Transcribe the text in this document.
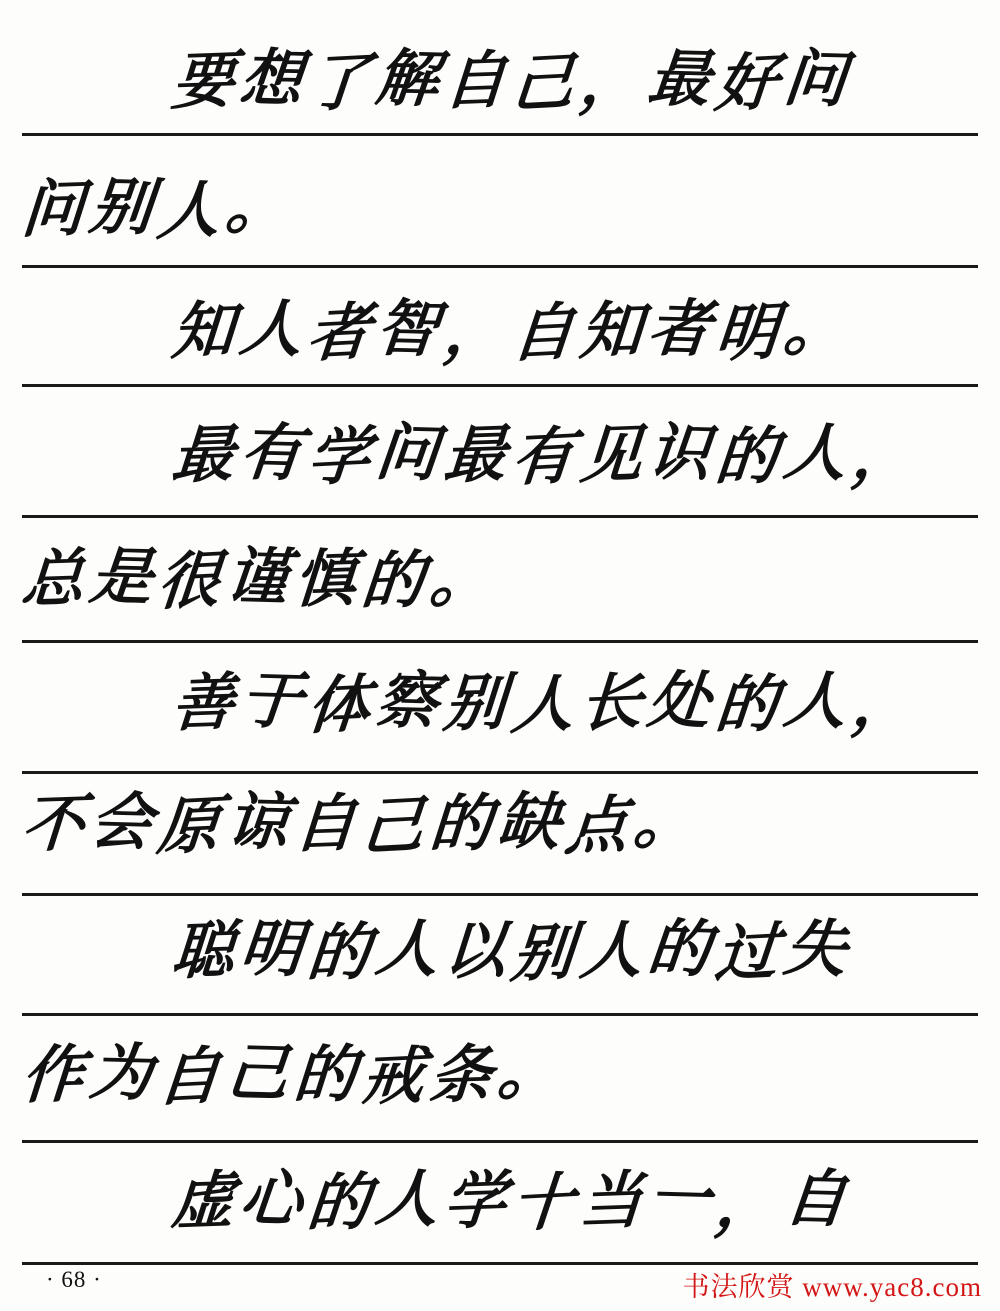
要
想
了
解
自
己
，
最
好
问
问
别
人
。
知
人
者
智
，
自
知
者
明
。
最
有
学
问
最
有
见
识
的
人
，
总
是
很
谨
慎
的
。
善
于
体
察
别
人
长
处
的
人
，
不
会
原
谅
自
己
的
缺
点
。
聪
明
的
人
以
别
人
的
过
失
作
为
自
己
的
戒
条
。
虚
心
的
人
学
十
当
一
，
自
· 68 ·	书法欣赏 www.yac8.com
